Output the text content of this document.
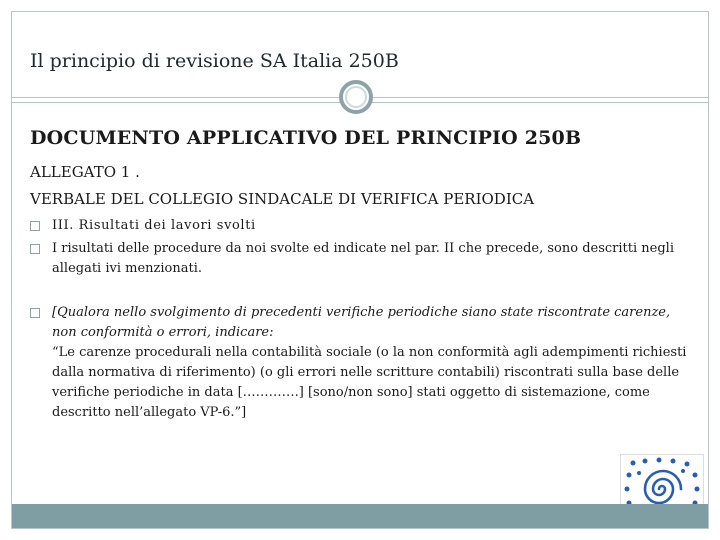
Il principio di revisione SA Italia 250B
DOCUMENTO APPLICATIVO DEL PRINCIPIO 250B
ALLEGATO 1 .
VERBALE DEL COLLEGIO SINDACALE DI VERIFICA PERIODICA
III. Risultati dei lavori svolti
I risultati delle procedure da noi svolte ed indicate nel par. II che precede, sono descritti negli allegati ivi menzionati.
[Qualora nello svolgimento di precedenti verifiche periodiche siano state riscontrate carenze, non conformità o errori, indicare:
“Le carenze procedurali nella contabilità sociale (o la non conformità agli adempimenti richiesti dalla normativa di riferimento) (o gli errori nelle scritture contabili) riscontrati sulla base delle verifiche periodiche in data [………….] [sono/non sono] stati oggetto di sistemazione, come descritto nell’allegato VP-6.”]
